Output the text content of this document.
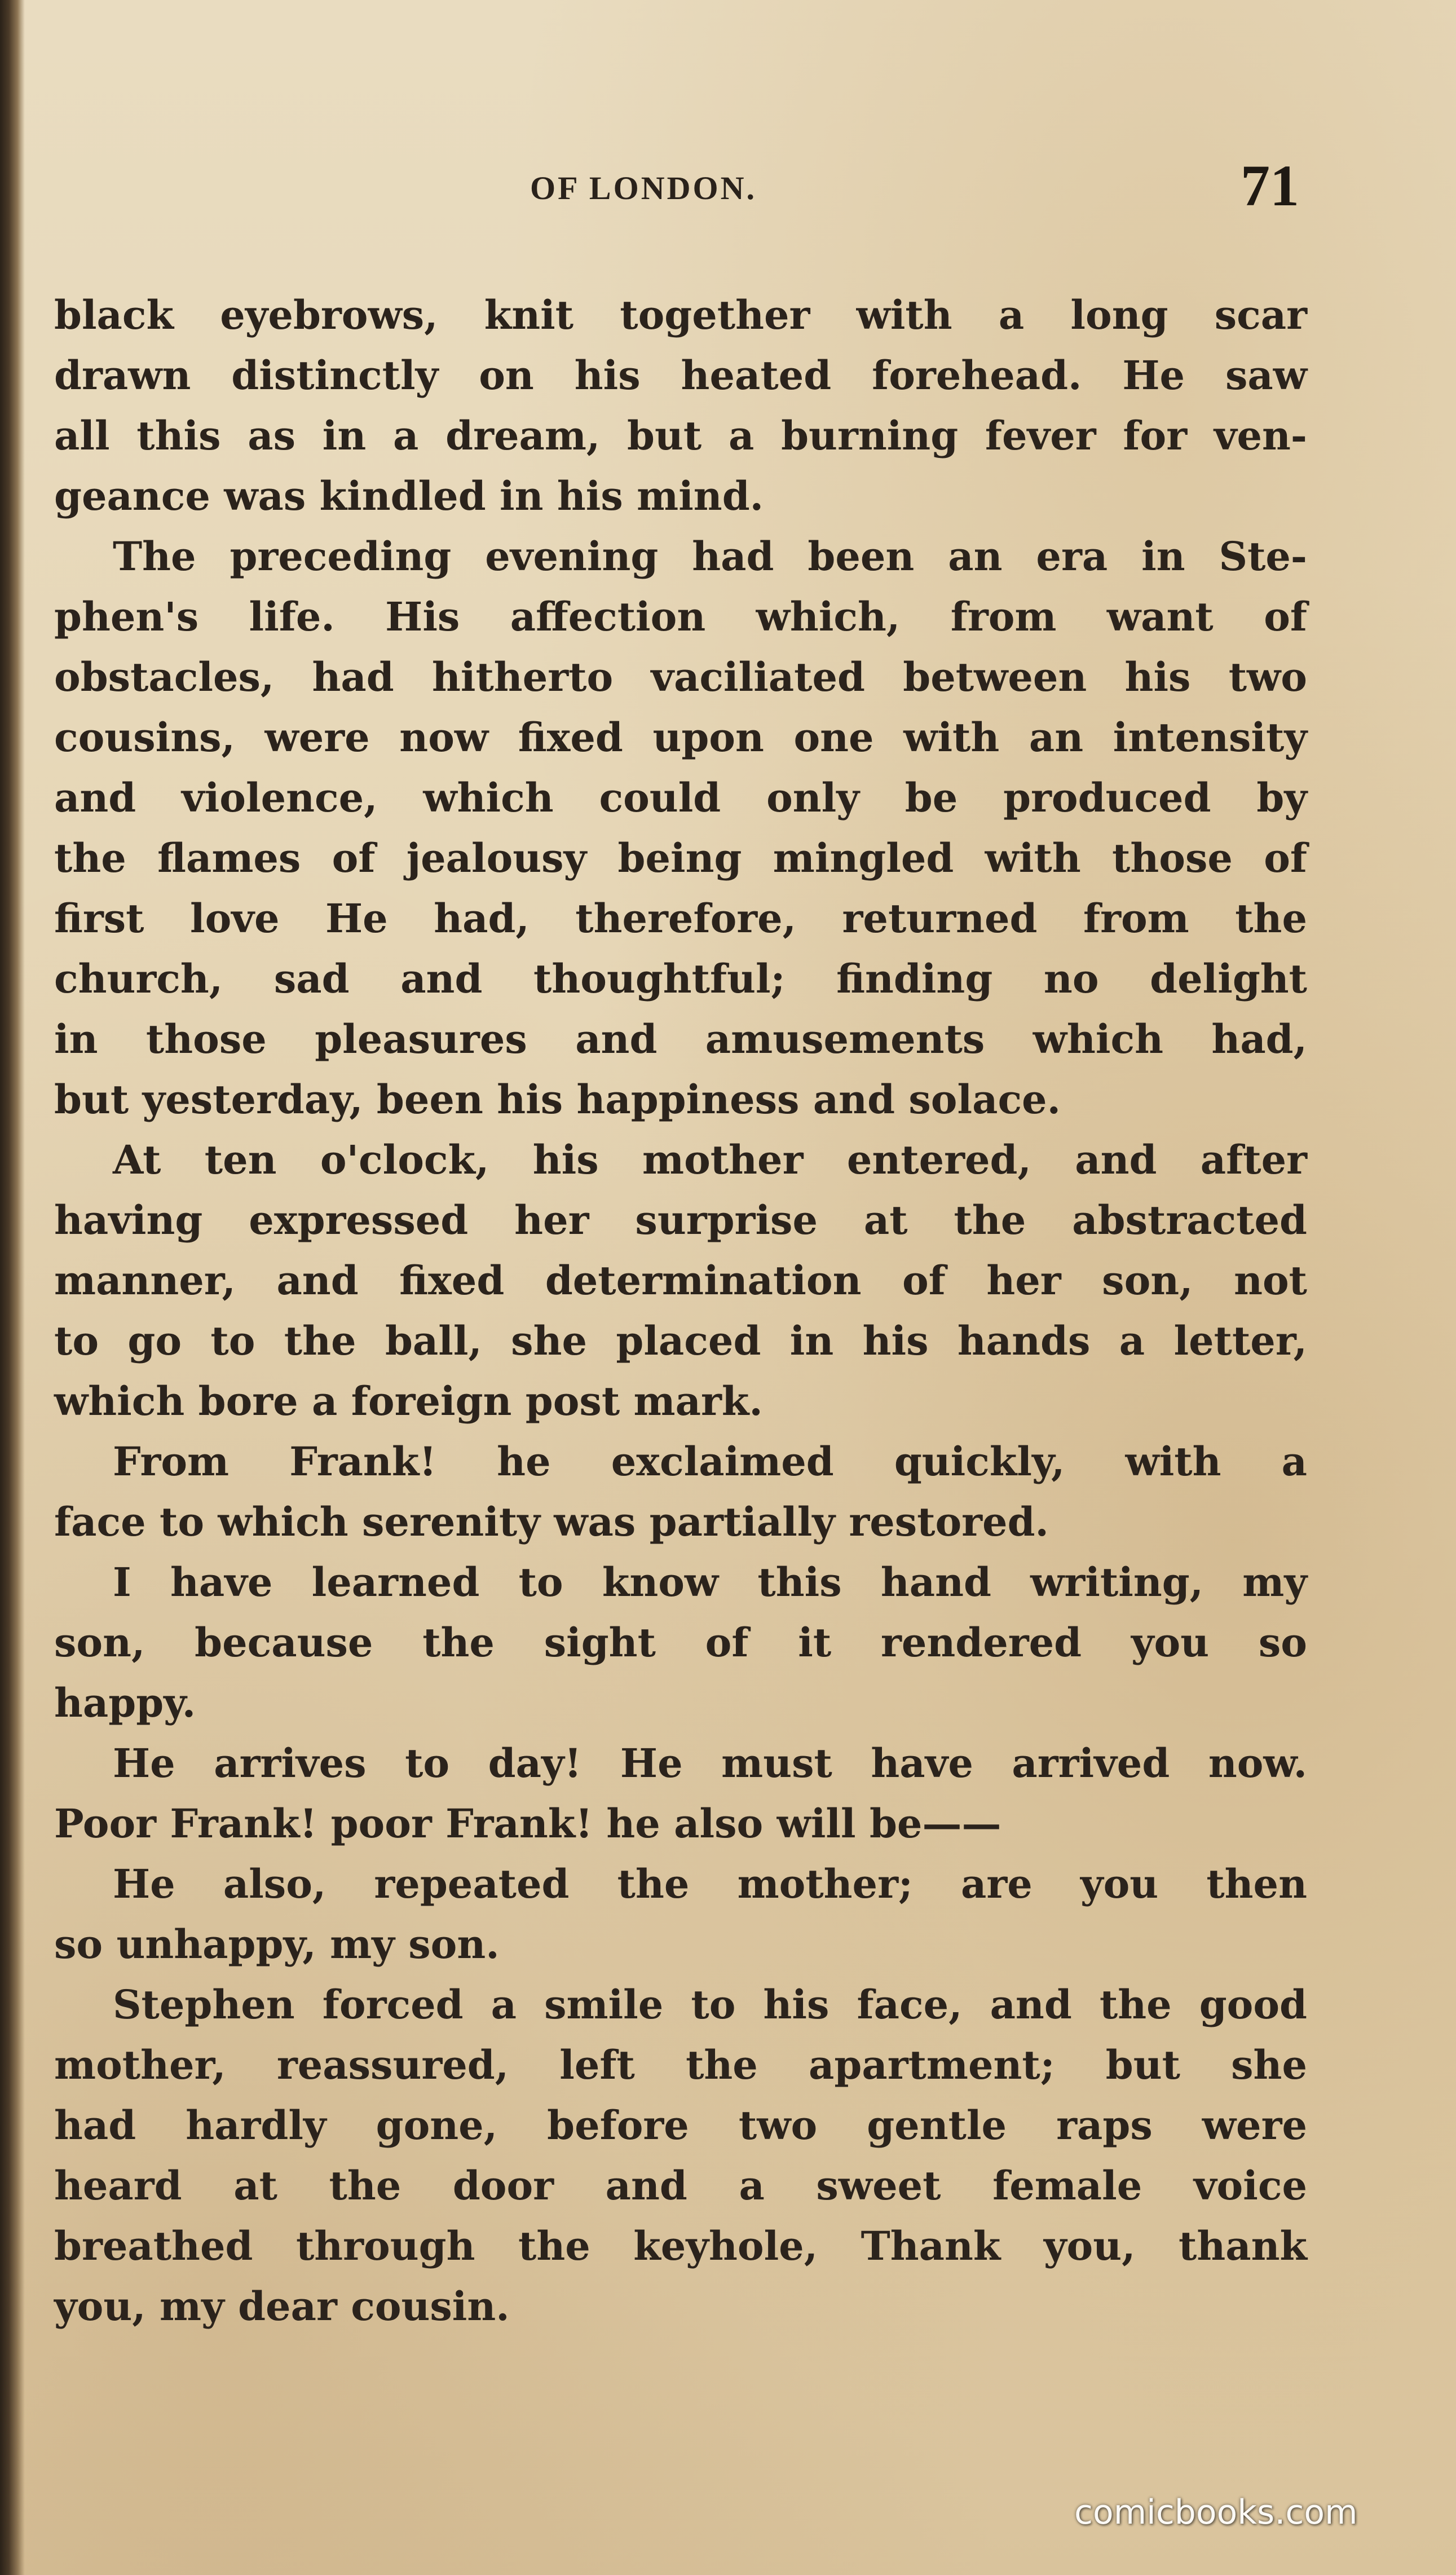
OF LONDON.	71
black eyebrows, knit together with a long scar
drawn distinctly on his heated forehead. He saw
all this as in a dream, but a burning fever for ven-
geance was kindled in his mind.
The preceding evening had been an era in Ste-
phen's life. His affection which, from want of
obstacles, had hitherto vaciliated between his two
cousins, were now fixed upon one with an intensity
and violence, which could only be produced by
the flames of jealousy being mingled with those of
first love He had, therefore, returned from the
church, sad and thoughtful; finding no delight
in those pleasures and amusements which had,
but yesterday, been his happiness and solace.
At ten o'clock, his mother entered, and after
having expressed her surprise at the abstracted
manner, and fixed determination of her son, not
to go to the ball, she placed in his hands a letter,
which bore a foreign post mark.
From Frank! he exclaimed quickly, with a
face to which serenity was partially restored.
I have learned to know this hand writing, my
son, because the sight of it rendered you so
happy.
He arrives to day! He must have arrived now.
Poor Frank! poor Frank! he also will be——
He also, repeated the mother; are you then
so unhappy, my son.
Stephen forced a smile to his face, and the good
mother, reassured, left the apartment; but she
had hardly gone, before two gentle raps were
heard at the door and a sweet female voice
breathed through the keyhole, Thank you, thank
you, my dear cousin.
comicbooks.com
